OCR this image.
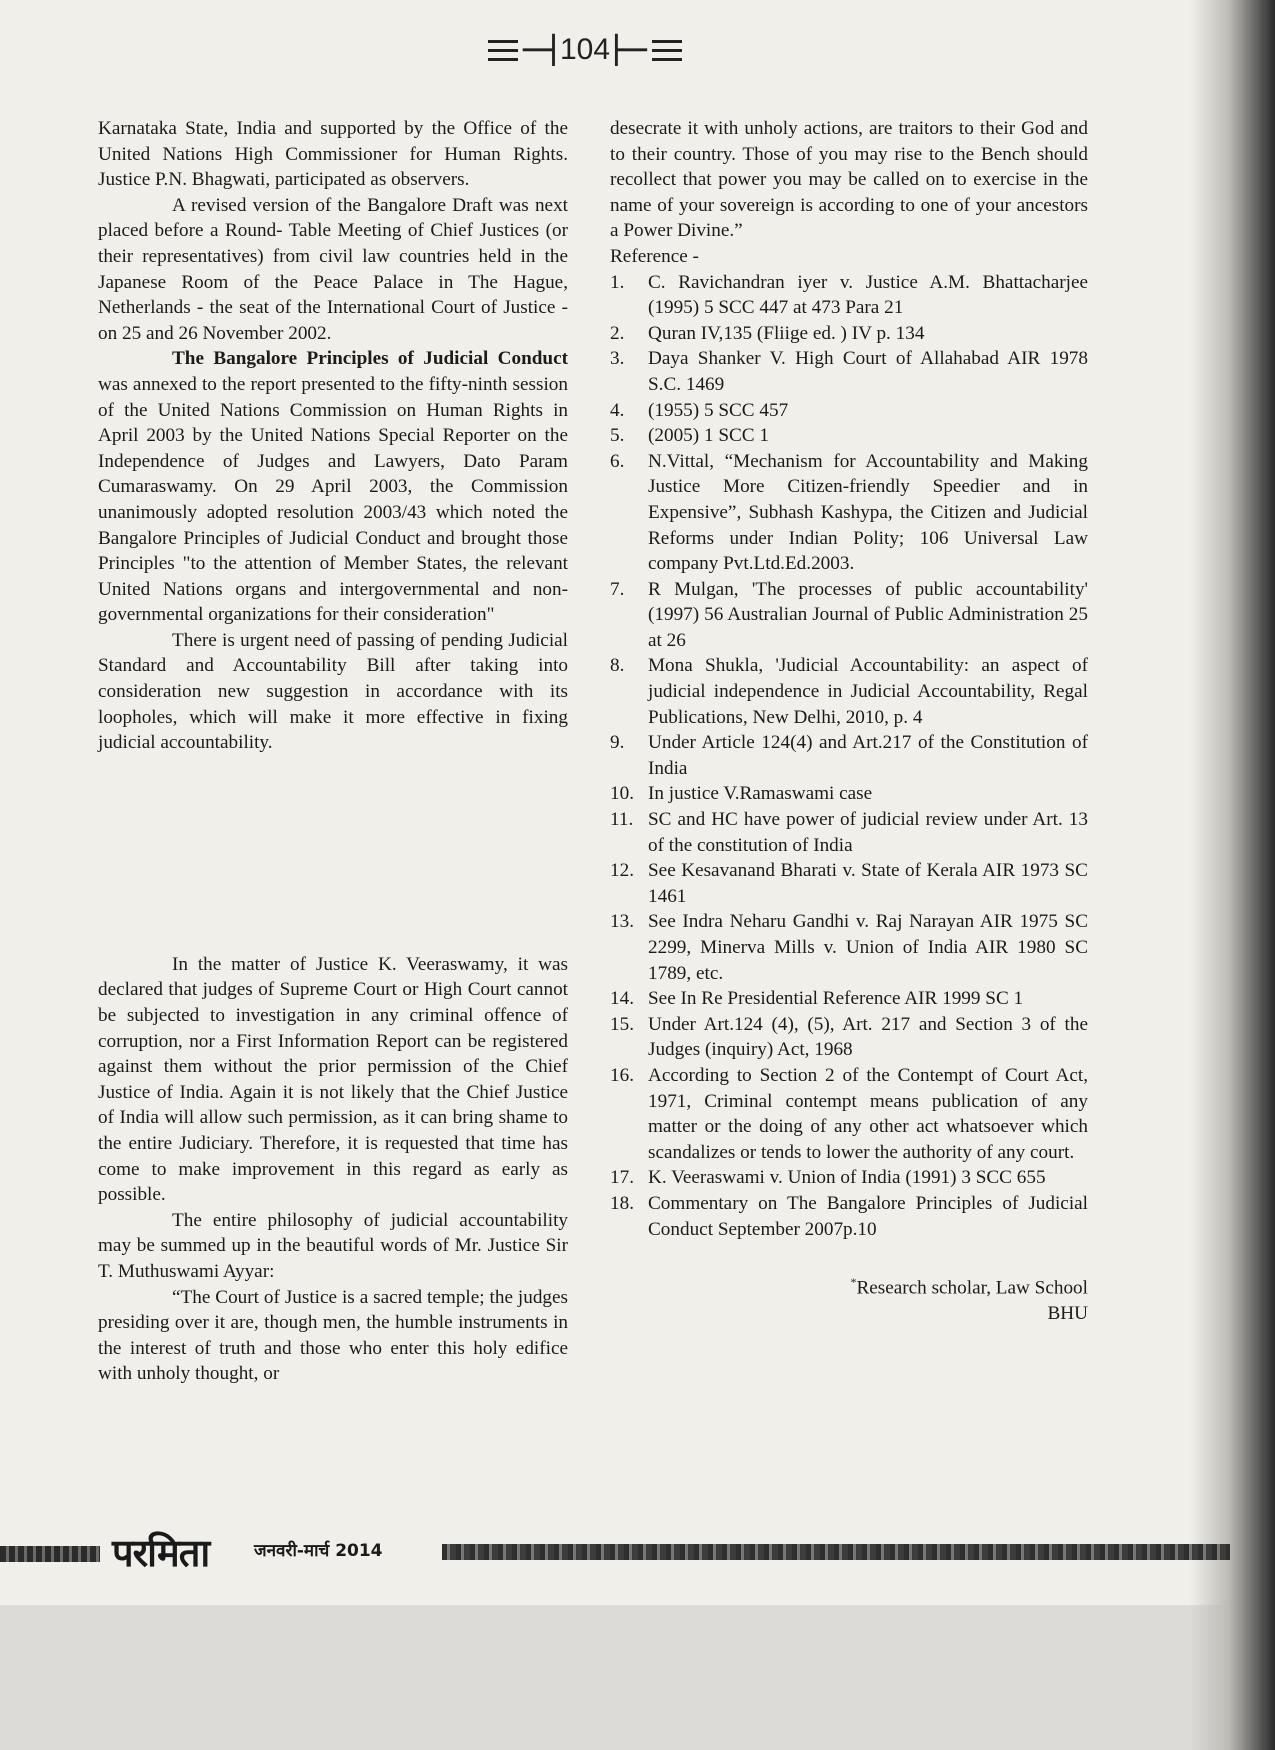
⊣ 104 ⊢

Karnataka State, India and supported by the Office of the United Nations High Commissioner for Human Rights. Justice P.N. Bhagwati, participated as observers.

A revised version of the Bangalore Draft was next placed before a Round- Table Meeting of Chief Justices (or their representatives) from civil law countries held in the Japanese Room of the Peace Palace in The Hague, Netherlands - the seat of the International Court of Justice - on 25 and 26 November 2002.

The Bangalore Principles of Judicial Conduct was annexed to the report presented to the fifty-ninth session of the United Nations Commission on Human Rights in April 2003 by the United Nations Special Reporter on the Independence of Judges and Lawyers, Dato Param Cumaraswamy. On 29 April 2003, the Commission unanimously adopted resolution 2003/43 which noted the Bangalore Principles of Judicial Conduct and brought those Principles "to the attention of Member States, the relevant United Nations organs and intergovernmental and non- governmental organizations for their consideration"

There is urgent need of passing of pending Judicial Standard and Accountability Bill after taking into consideration new suggestion in accordance with its loopholes, which will make it more effective in fixing judicial accountability.

In the matter of Justice K. Veeraswamy, it was declared that judges of Supreme Court or High Court cannot be subjected to investigation in any criminal offence of corruption, nor a First Information Report can be registered against them without the prior permission of the Chief Justice of India. Again it is not likely that the Chief Justice of India will allow such permission, as it can bring shame to the entire Judiciary. Therefore, it is requested that time has come to make improvement in this regard as early as possible.

The entire philosophy of judicial accountability may be summed up in the beautiful words of Mr. Justice Sir T. Muthuswami Ayyar:

“The Court of Justice is a sacred temple; the judges presiding over it are, though men, the humble instruments in the interest of truth and those who enter this holy edifice with unholy thought, or

desecrate it with unholy actions, are traitors to their God and to their country. Those of you may rise to the Bench should recollect that power you may be called on to exercise in the name of your sovereign is according to one of your ancestors a Power Divine.”

Reference -

1.	C. Ravichandran iyer v. Justice A.M. Bhattacharjee (1995) 5 SCC 447 at 473 Para 21
2.	Quran IV,135 (Fliige ed. ) IV p. 134
3.	Daya Shanker V. High Court of Allahabad AIR 1978 S.C. 1469
4.	(1955) 5 SCC 457
5.	(2005) 1 SCC 1
6.	N.Vittal, “Mechanism for Accountability and Making Justice More Citizen-friendly Speedier and in Expensive”, Subhash Kashypa, the Citizen and Judicial Reforms under Indian Polity; 106 Universal Law company Pvt.Ltd.Ed.2003.
7.	R Mulgan, 'The processes of public accountability' (1997) 56 Australian Journal of Public Administration 25 at 26
8.	Mona Shukla, 'Judicial Accountability: an aspect of judicial independence in Judicial Accountability, Regal Publications, New Delhi, 2010, p. 4
9.	Under Article 124(4) and Art.217 of the Constitution of India
10. In justice V.Ramaswami case
11. SC and HC have power of judicial review under Art. 13 of the constitution of India
12. See Kesavanand Bharati v. State of Kerala AIR 1973 SC 1461
13. See Indra Neharu Gandhi v. Raj Narayan AIR 1975 SC 2299, Minerva Mills v. Union of India AIR 1980 SC 1789, etc.
14. See In Re Presidential Reference AIR 1999 SC 1
15. Under Art.124 (4), (5), Art. 217 and Section 3 of the Judges (inquiry) Act, 1968
16. According to Section 2 of the Contempt of Court Act, 1971, Criminal contempt means publication of any matter or the doing of any other act whatsoever which scandalizes or tends to lower the authority of any court.
17. K. Veeraswami v. Union of India (1991) 3 SCC 655
18. Commentary on The Bangalore Principles of Judicial Conduct September 2007p.10
*Research scholar, Law School
BHU
परमिता	जनवरी-मार्च 2014
